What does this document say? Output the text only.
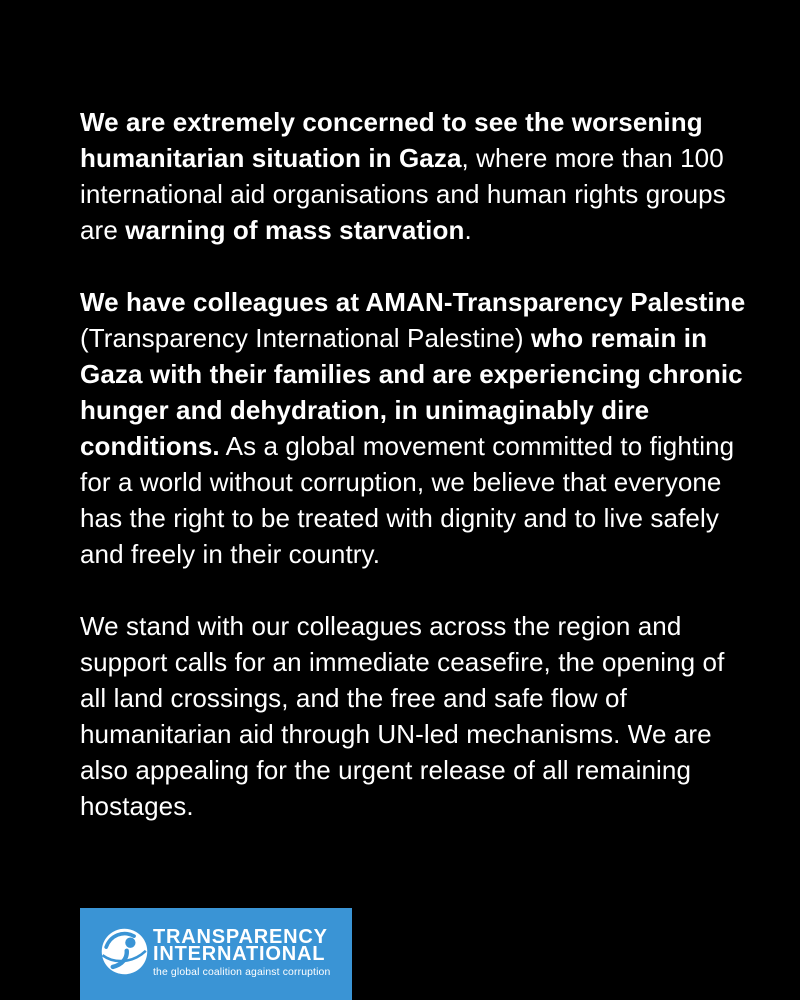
We are extremely concerned to see the worsening humanitarian situation in Gaza, where more than 100 international aid organisations and human rights groups are warning of mass starvation.

We have colleagues at AMAN-Transparency Palestine (Transparency International Palestine) who remain in Gaza with their families and are experiencing chronic hunger and dehydration, in unimaginably dire conditions. As a global movement committed to fighting for a world without corruption, we believe that everyone has the right to be treated with dignity and to live safely and freely in their country.

We stand with our colleagues across the region and support calls for an immediate ceasefire, the opening of all land crossings, and the free and safe flow of humanitarian aid through UN-led mechanisms. We are also appealing for the urgent release of all remaining hostages.

TRANSPARENCY
INTERNATIONAL
the global coalition against corruption
